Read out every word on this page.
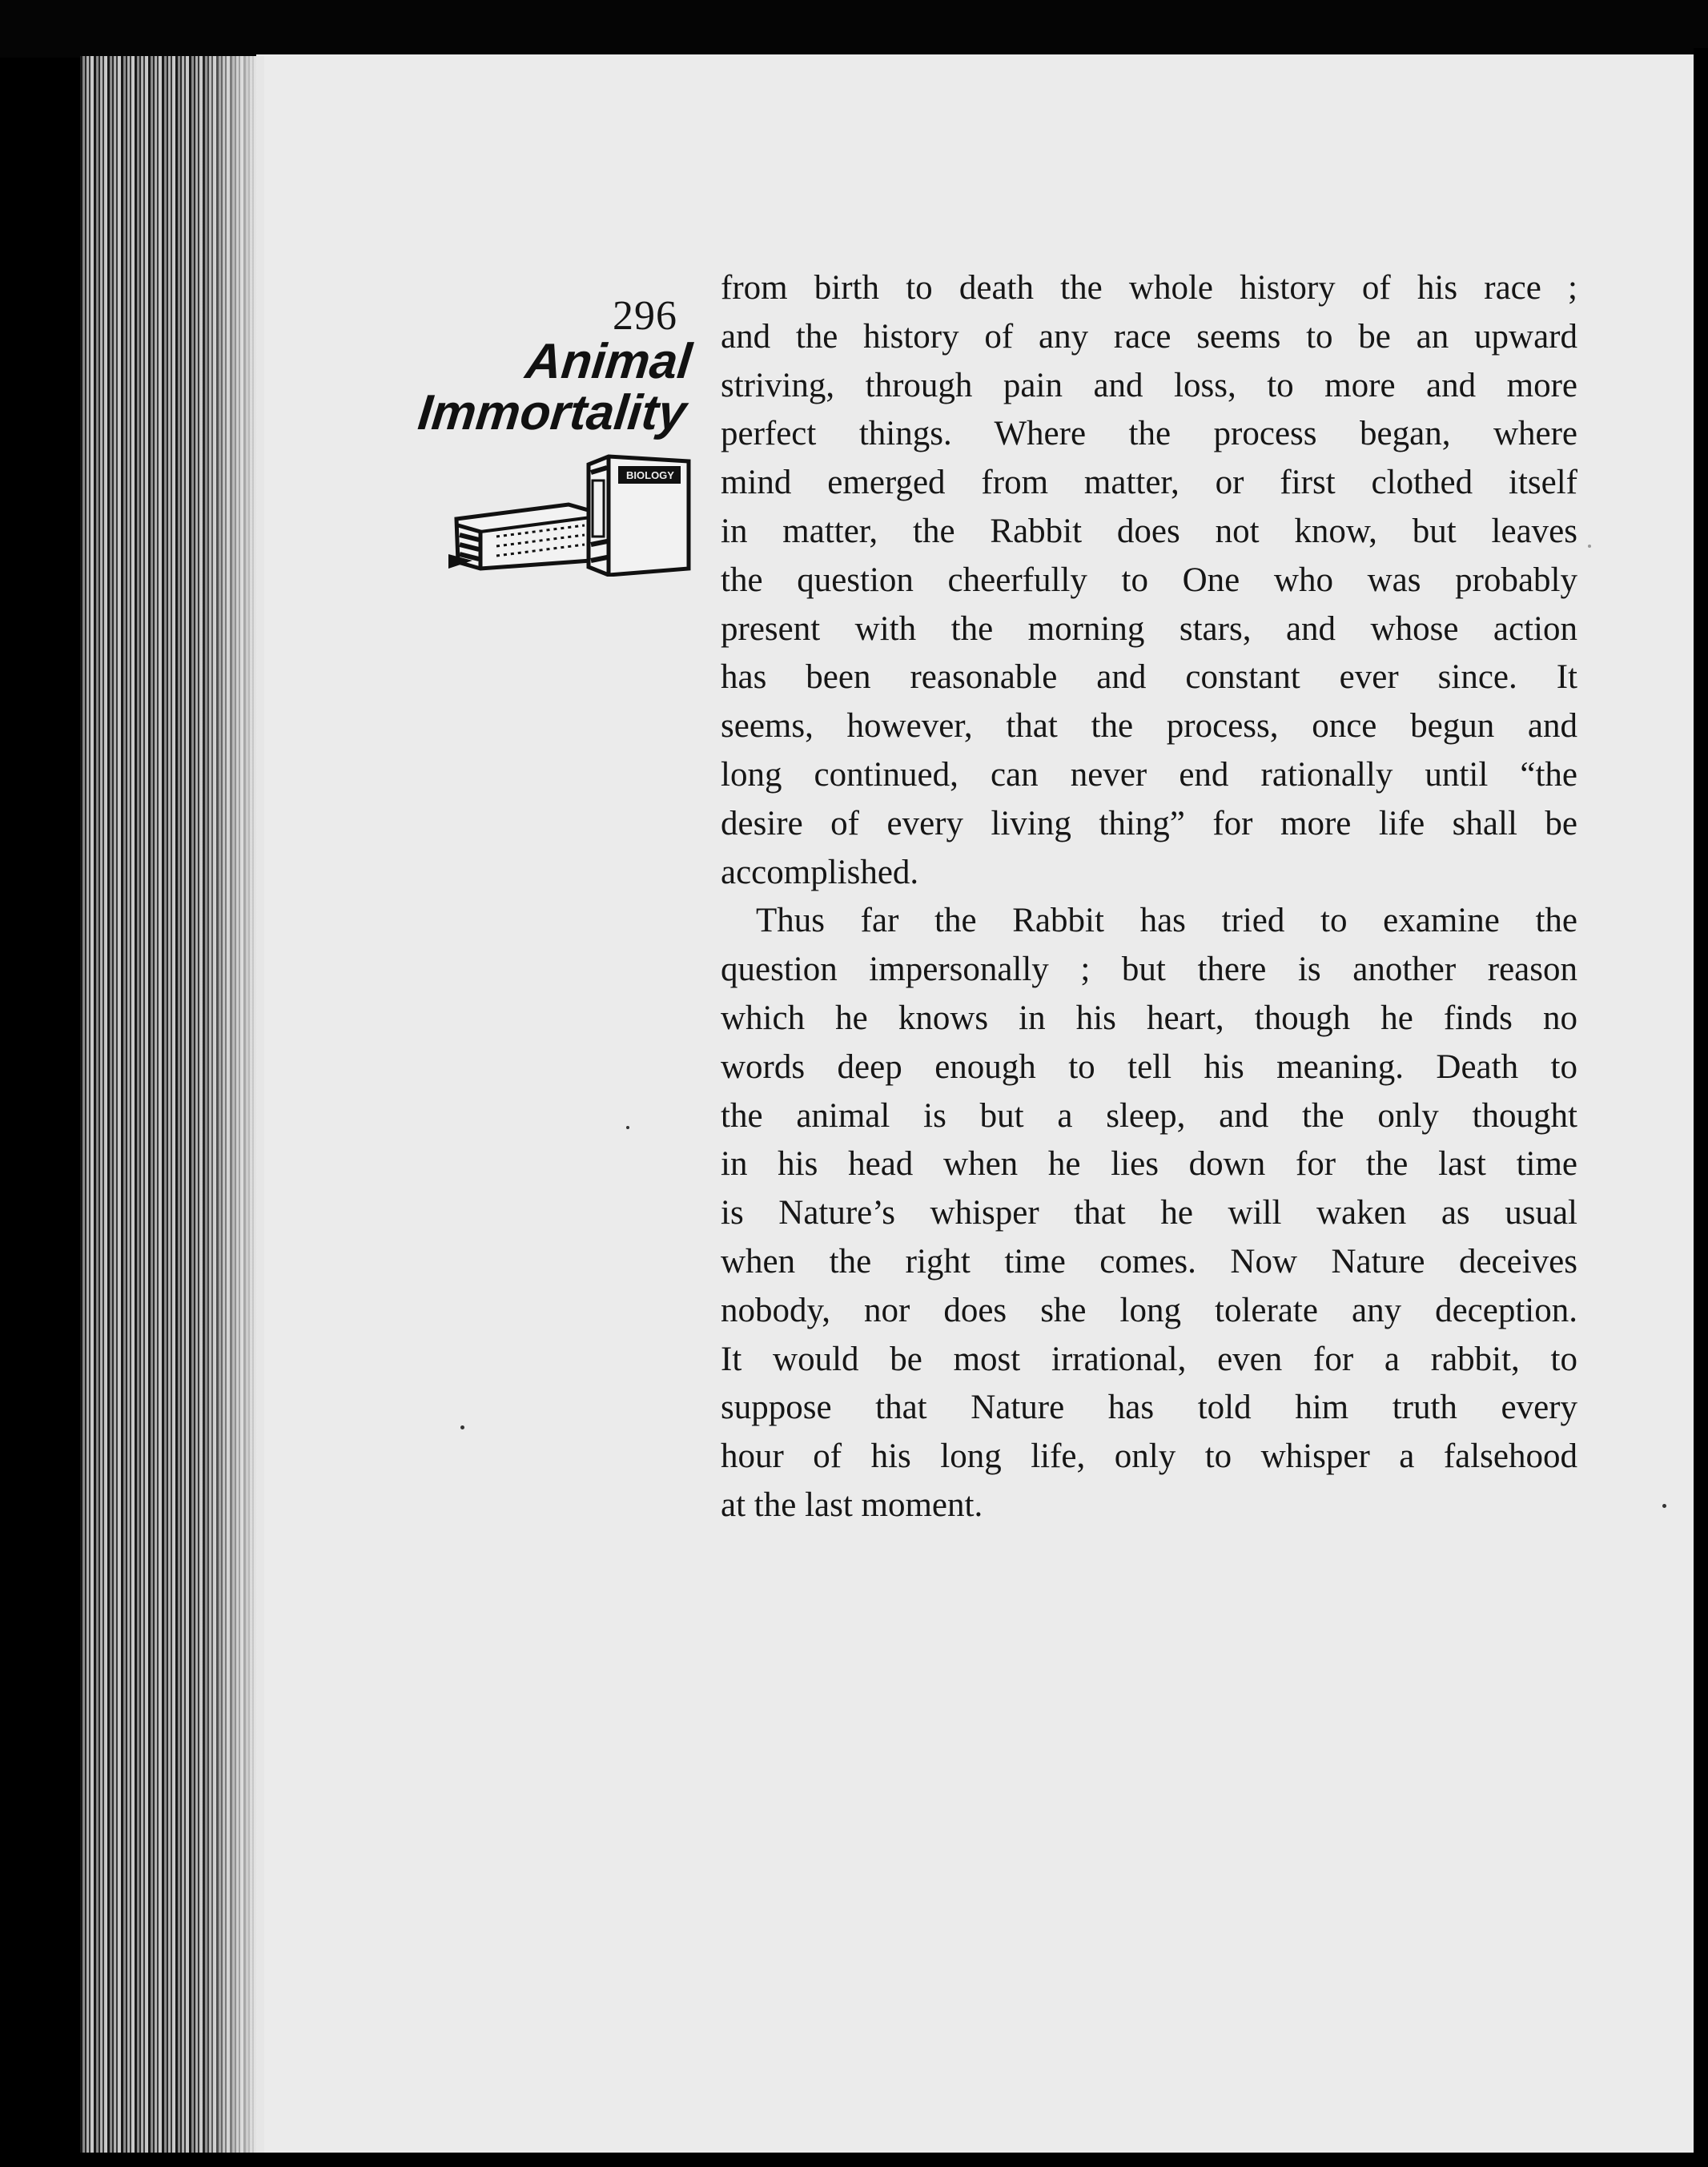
296
Animal
Immortality
BIOLOGY
from birth to death the whole history of his race ;
and the history of any race seems to be an upward
striving, through pain and loss, to more and more
perfect things. Where the process began, where
mind emerged from matter, or first clothed itself
in matter, the Rabbit does not know, but leaves
the question cheerfully to One who was probably
present with the morning stars, and whose action
has been reasonable and constant ever since. It
seems, however, that the process, once begun and
long continued, can never end rationally until “the
desire of every living thing” for more life shall be
accomplished.
Thus far the Rabbit has tried to examine the
question impersonally ; but there is another reason
which he knows in his heart, though he finds no
words deep enough to tell his meaning. Death to
the animal is but a sleep, and the only thought
in his head when he lies down for the last time
is Nature’s whisper that he will waken as usual
when the right time comes. Now Nature deceives
nobody, nor does she long tolerate any deception.
It would be most irrational, even for a rabbit, to
suppose that Nature has told him truth every
hour of his long life, only to whisper a falsehood
at the last moment.
